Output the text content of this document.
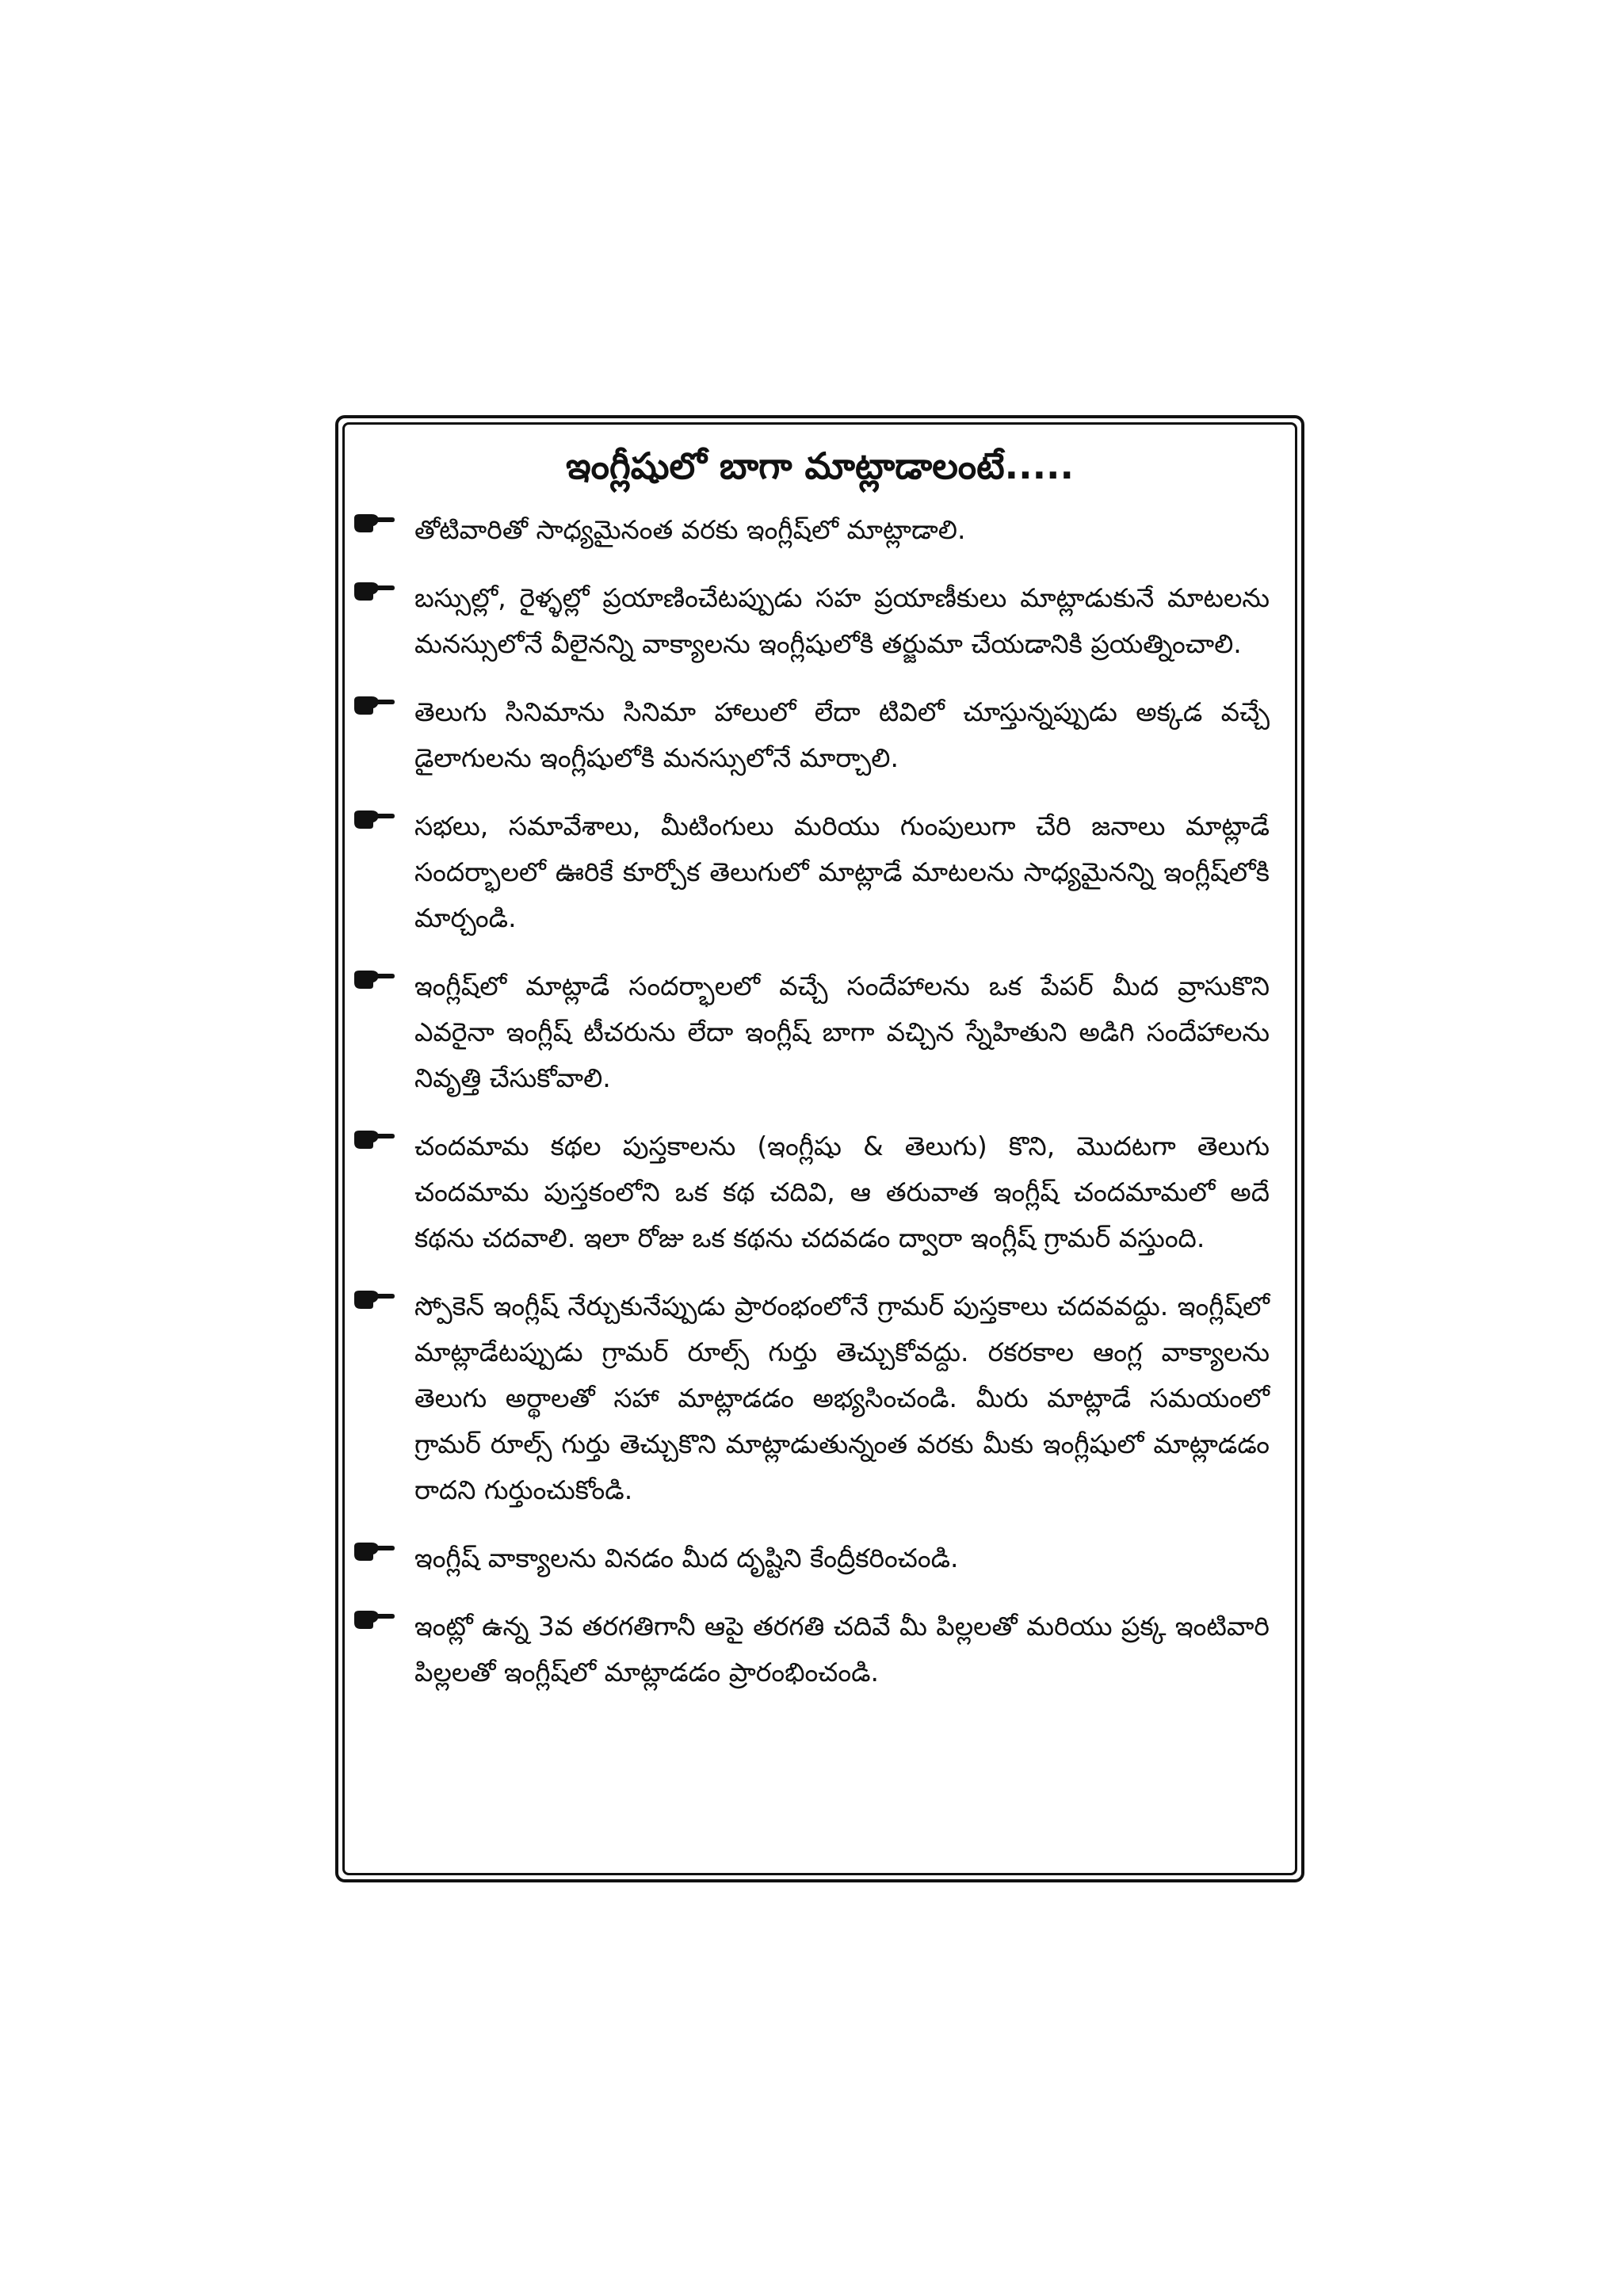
ఇంగ్లీషులో బాగా మాట్లాడాలంటే.....
తోటివారితో సాధ్యమైనంత వరకు ఇంగ్లీష్‌లో మాట్లాడాలి.
బస్సుల్లో, రైళ్ళల్లో ప్రయాణించేటప్పుడు సహ ప్రయాణీకులు మాట్లాడుకునే మాటలను మనస్సులోనే వీలైనన్ని వాక్యాలను ఇంగ్లీషులోకి తర్జుమా చేయడానికి ప్రయత్నించాలి.
తెలుగు సినిమాను సినిమా హాలులో లేదా టివిలో చూస్తున్నప్పుడు అక్కడ వచ్చే డైలాగులను ఇంగ్లీషులోకి మనస్సులోనే మార్చాలి.
సభలు, సమావేశాలు, మీటింగులు మరియు గుంపులుగా చేరి జనాలు మాట్లాడే సందర్భాలలో ఊరికే కూర్చోక తెలుగులో మాట్లాడే మాటలను సాధ్యమైనన్ని ఇంగ్లీష్‌లోకి మార్చండి.
ఇంగ్లీష్‌లో మాట్లాడే సందర్భాలలో వచ్చే సందేహాలను ఒక పేపర్ మీద వ్రాసుకొని ఎవరైనా ఇంగ్లీష్ టీచరును లేదా ఇంగ్లీష్ బాగా వచ్చిన స్నేహితుని అడిగి సందేహాలను నివృత్తి చేసుకోవాలి.
చందమామ కథల పుస్తకాలను (ఇంగ్లీషు & తెలుగు) కొని, మొదటగా తెలుగు చందమామ పుస్తకంలోని ఒక కథ చదివి, ఆ తరువాత ఇంగ్లీష్ చందమామలో అదే కథను చదవాలి. ఇలా రోజు ఒక కథను చదవడం ద్వారా ఇంగ్లీష్ గ్రామర్ వస్తుంది.
స్పోకెన్ ఇంగ్లీష్ నేర్చుకునేప్పుడు ప్రారంభంలోనే గ్రామర్ పుస్తకాలు చదవవద్దు. ఇంగ్లీష్‌లో మాట్లాడేటప్పుడు గ్రామర్ రూల్స్ గుర్తు తెచ్చుకోవద్దు. రకరకాల ఆంగ్ల వాక్యాలను తెలుగు అర్థాలతో సహా మాట్లాడడం అభ్యసించండి. మీరు మాట్లాడే సమయంలో గ్రామర్ రూల్స్ గుర్తు తెచ్చుకొని మాట్లాడుతున్నంత వరకు మీకు ఇంగ్లీషులో మాట్లాడడం రాదని గుర్తుంచుకోండి.
ఇంగ్లీష్ వాక్యాలను వినడం మీద దృష్టిని కేంద్రీకరించండి.
ఇంట్లో ఉన్న 3వ తరగతిగానీ ఆపై తరగతి చదివే మీ పిల్లలతో మరియు ప్రక్క ఇంటివారి పిల్లలతో ఇంగ్లీష్‌లో మాట్లాడడం ప్రారంభించండి.
